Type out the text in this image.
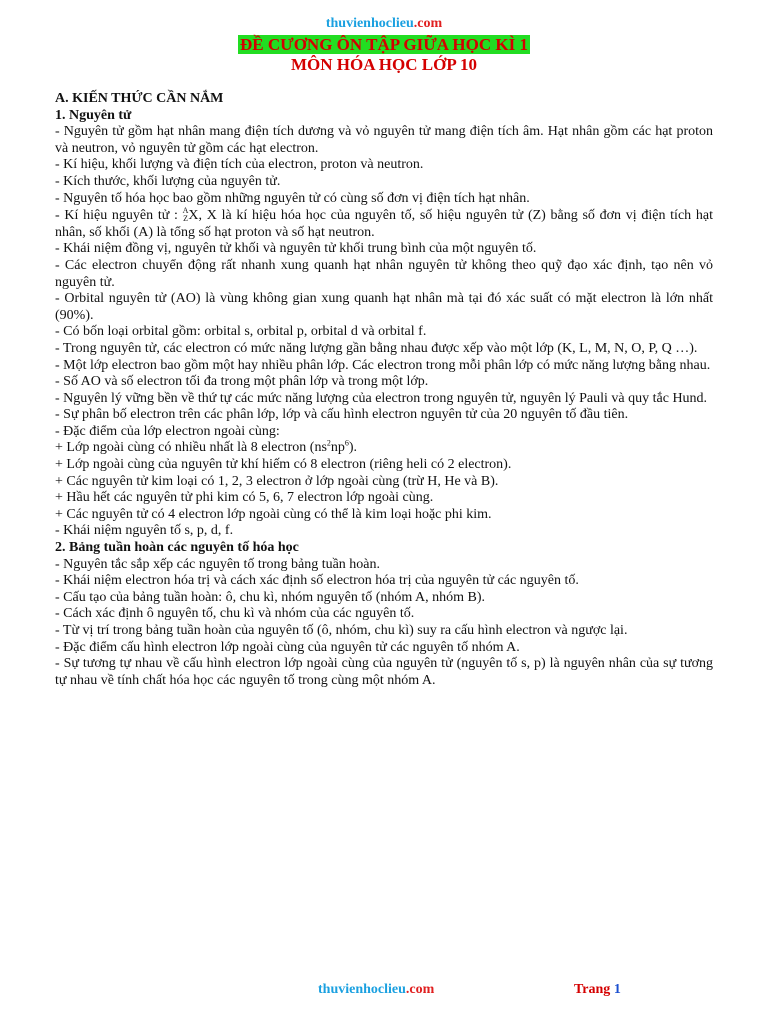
thuvienhoclieu.com
ĐỀ CƯƠNG ÔN TẬP GIỮA HỌC KÌ 1
MÔN HÓA HỌC LỚP 10

A. KIẾN THỨC CẦN NẮM

1. Nguyên tử

- Nguyên tử gồm hạt nhân mang điện tích dương và vỏ nguyên tử mang điện tích âm. Hạt nhân gồm các hạt proton và neutron, vỏ nguyên tử gồm các hạt electron.

- Kí hiệu, khối lượng và điện tích của electron, proton và neutron.

- Kích thước, khối lượng của nguyên tử.

- Nguyên tố hóa học bao gồm những nguyên tử có cùng số đơn vị điện tích hạt nhân.

- Kí hiệu nguyên tử : A
Z X, X là kí hiệu hóa học của nguyên tố, số hiệu nguyên tử (Z) bằng số đơn vị điện tích hạt nhân, số khối (A) là tổng số hạt proton và số hạt neutron.

- Khái niệm đồng vị, nguyên tử khối và nguyên tử khối trung bình của một nguyên tố.

- Các electron chuyển động rất nhanh xung quanh hạt nhân nguyên tử không theo quỹ đạo xác định, tạo nên vỏ nguyên tử.

- Orbital nguyên tử (AO) là vùng không gian xung quanh hạt nhân mà tại đó xác suất có mặt electron là lớn nhất (90%).

- Có bốn loại orbital gồm: orbital s, orbital p, orbital d và orbital f.

- Trong nguyên tử, các electron có mức năng lượng gần bằng nhau được xếp vào một lớp (K, L, M, N, O, P, Q …).

- Một lớp electron bao gồm một hay nhiều phân lớp. Các electron trong mỗi phân lớp có mức năng lượng bằng nhau.

- Số AO và số electron tối đa trong một phân lớp và trong một lớp.

- Nguyên lý vững bền về thứ tự các mức năng lượng của electron trong nguyên tử, nguyên lý Pauli và quy tắc Hund.

- Sự phân bố electron trên các phân lớp, lớp và cấu hình electron nguyên tử của 20 nguyên tố đầu tiên.

- Đặc điểm của lớp electron ngoài cùng:

+ Lớp ngoài cùng có nhiều nhất là 8 electron $(ns^2np^6)$.

+ Lớp ngoài cùng của nguyên tử khí hiếm có 8 electron (riêng heli có 2 electron).

+ Các nguyên tử kim loại có 1, 2, 3 electron ở lớp ngoài cùng (trừ H, He và B).

+ Hầu hết các nguyên tử phi kim có 5, 6, 7 electron lớp ngoài cùng.

+ Các nguyên tử có 4 electron lớp ngoài cùng có thể là kim loại hoặc phi kim.

- Khái niệm nguyên tố s, p, d, f.

2. Bảng tuần hoàn các nguyên tố hóa học

- Nguyên tắc sắp xếp các nguyên tố trong bảng tuần hoàn.

- Khái niệm electron hóa trị và cách xác định số electron hóa trị của nguyên tử các nguyên tố.

- Cấu tạo của bảng tuần hoàn: ô, chu kì, nhóm nguyên tố (nhóm A, nhóm B).

- Cách xác định ô nguyên tố, chu kì và nhóm của các nguyên tố.

- Từ vị trí trong bảng tuần hoàn của nguyên tố (ô, nhóm, chu kì) suy ra cấu hình electron và ngược lại.

- Đặc điểm cấu hình electron lớp ngoài cùng của nguyên tử các nguyên tố nhóm A.

- Sự tương tự nhau về cấu hình electron lớp ngoài cùng của nguyên tử (nguyên tố s, p) là nguyên nhân của sự tương tự nhau về tính chất hóa học các nguyên tố trong cùng một nhóm A.

thuvienhoclieu.com	Trang 1
